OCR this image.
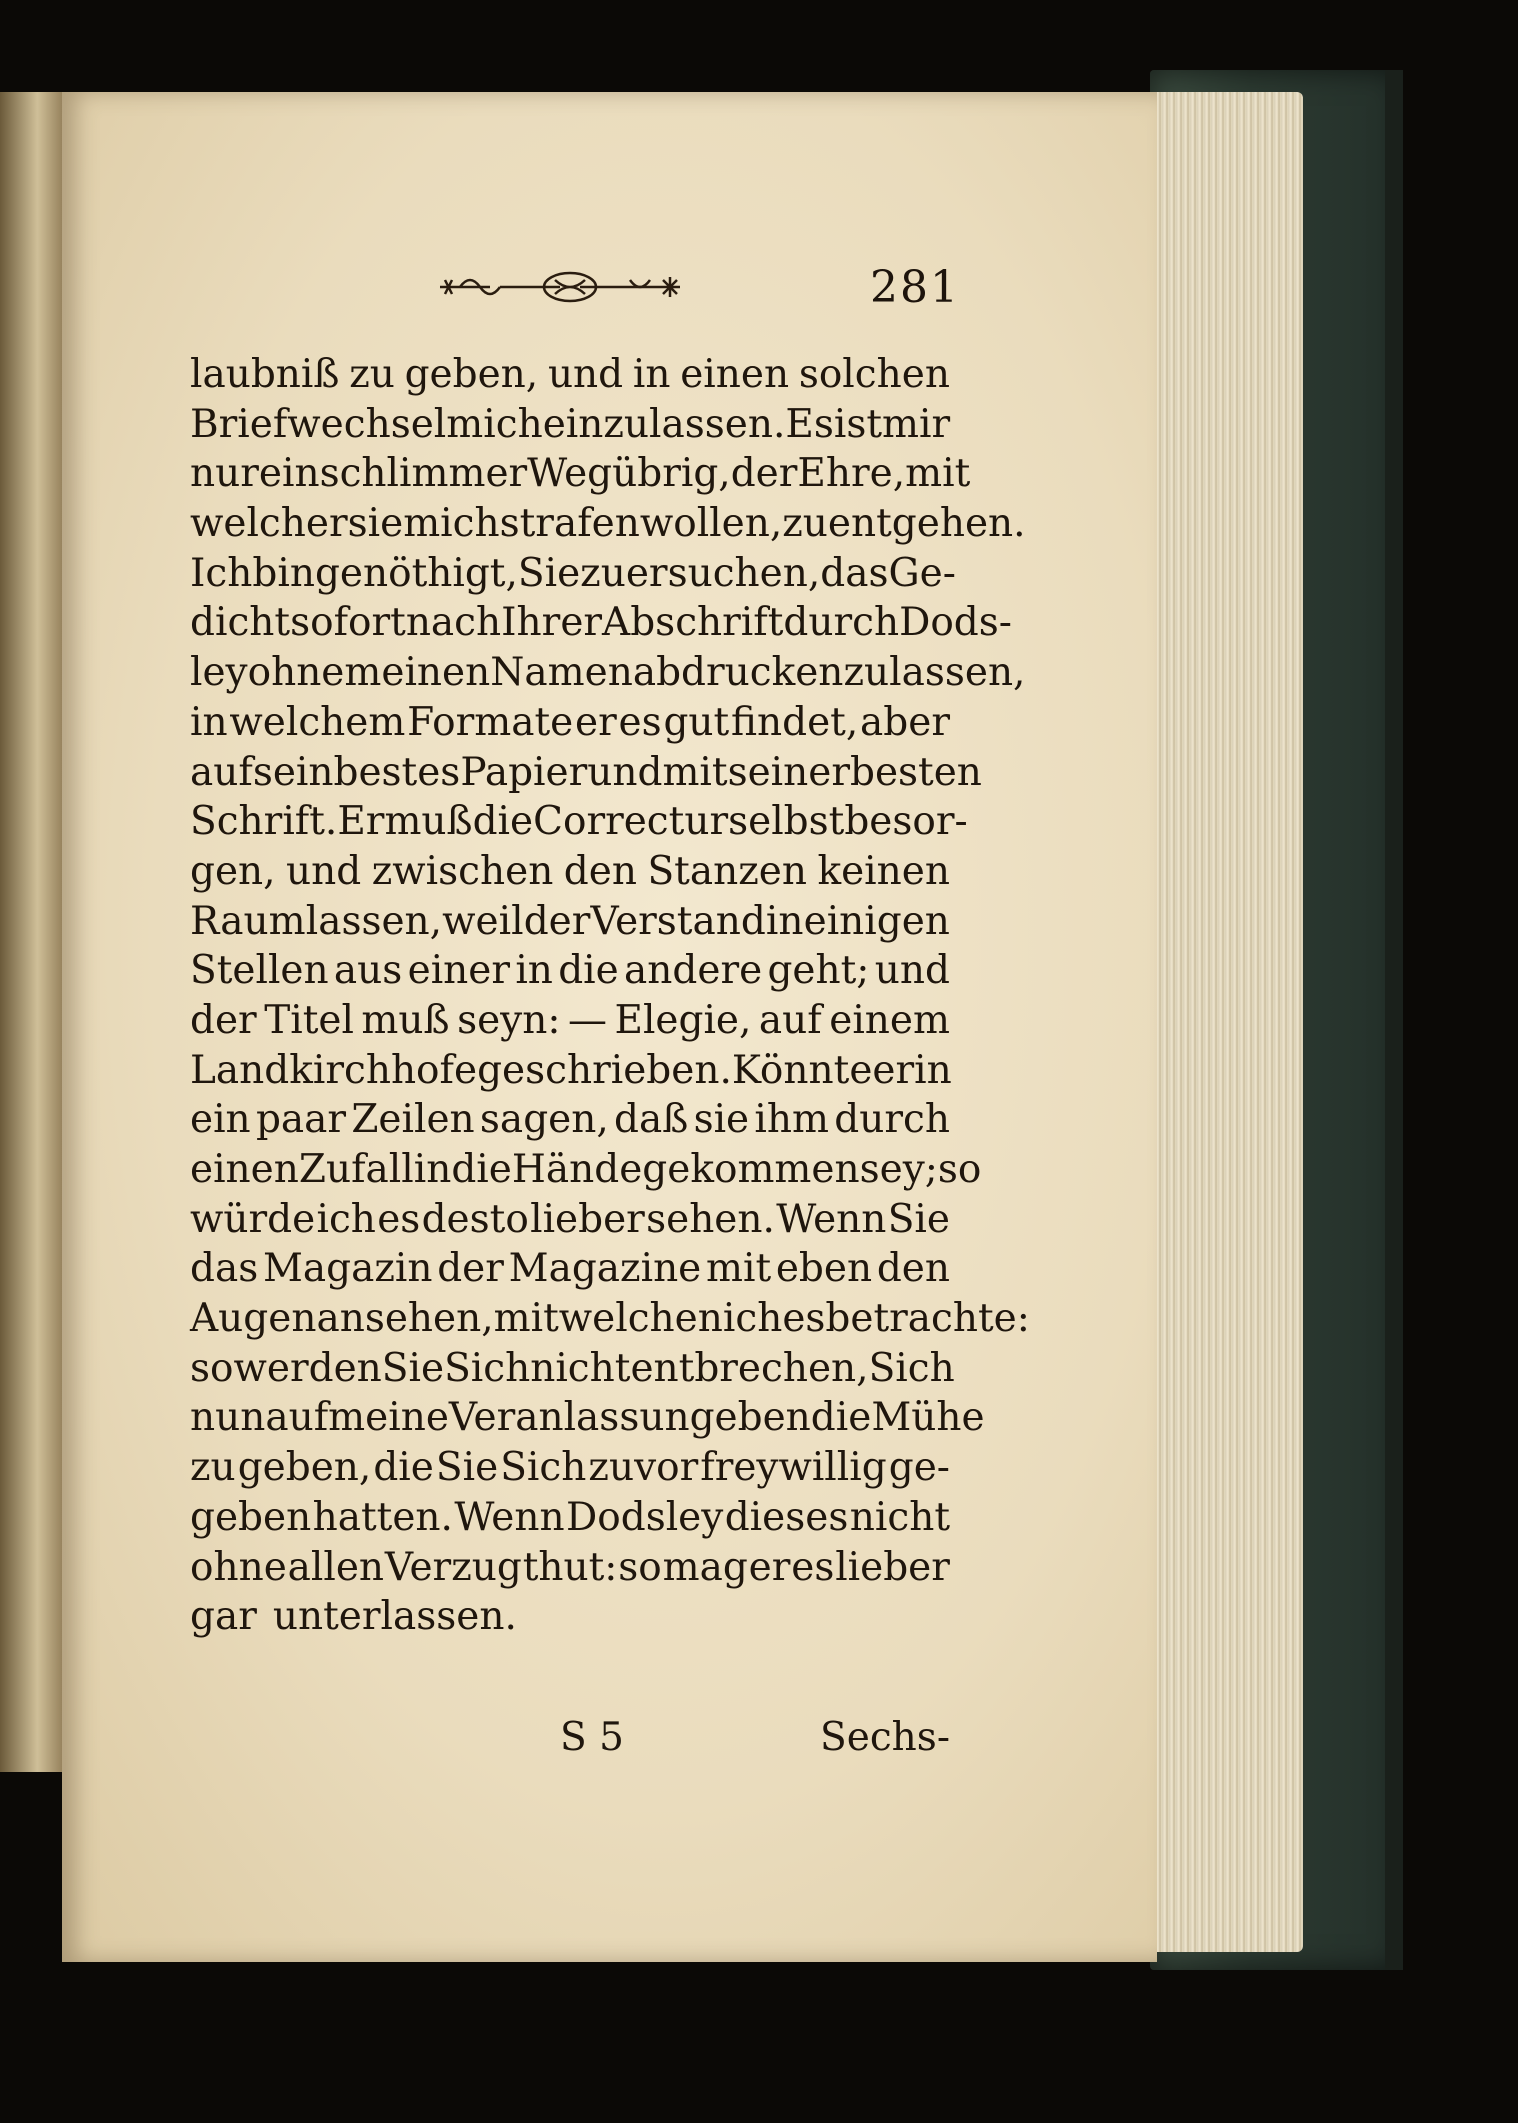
281
laubniß zu geben, und in einen solchen
Briefwechsel mich einzulassen. Es ist mir
nur ein schlimmer Weg übrig, der Ehre, mit
welcher sie mich strafen wollen, zu entgehen.
Ich bin genöthigt, Sie zu ersuchen, das Ge-
dicht sofort nach Ihrer Abschrift durch Dods-
ley ohne meinen Namen abdrucken zu lassen,
in welchem Formate er es gut findet, aber
auf sein bestes Papier und mit seiner besten
Schrift. Er muß die Correctur selbst besor-
gen, und zwischen den Stanzen keinen
Raum lassen, weil der Verstand in einigen
Stellen aus einer in die andere geht; und
der Titel muß seyn: — Elegie, auf einem
Landkirchhofe geschrieben. Könnte er in
ein paar Zeilen sagen, daß sie ihm durch
einen Zufall in die Hände gekommen sey; so
würde ich es desto lieber sehen. Wenn Sie
das Magazin der Magazine mit eben den
Augen ansehen, mit welchen ich es betrachte:
so werden Sie Sich nicht entbrechen, Sich
nun auf meine Veranlassung eben die Mühe
zu geben, die Sie Sich zuvor freywillig ge-
geben hatten. Wenn Dodsley dieses nicht
ohne allen Verzug thut: so mag er es lieber
gar unterlassen.
S 5	Sechs-
